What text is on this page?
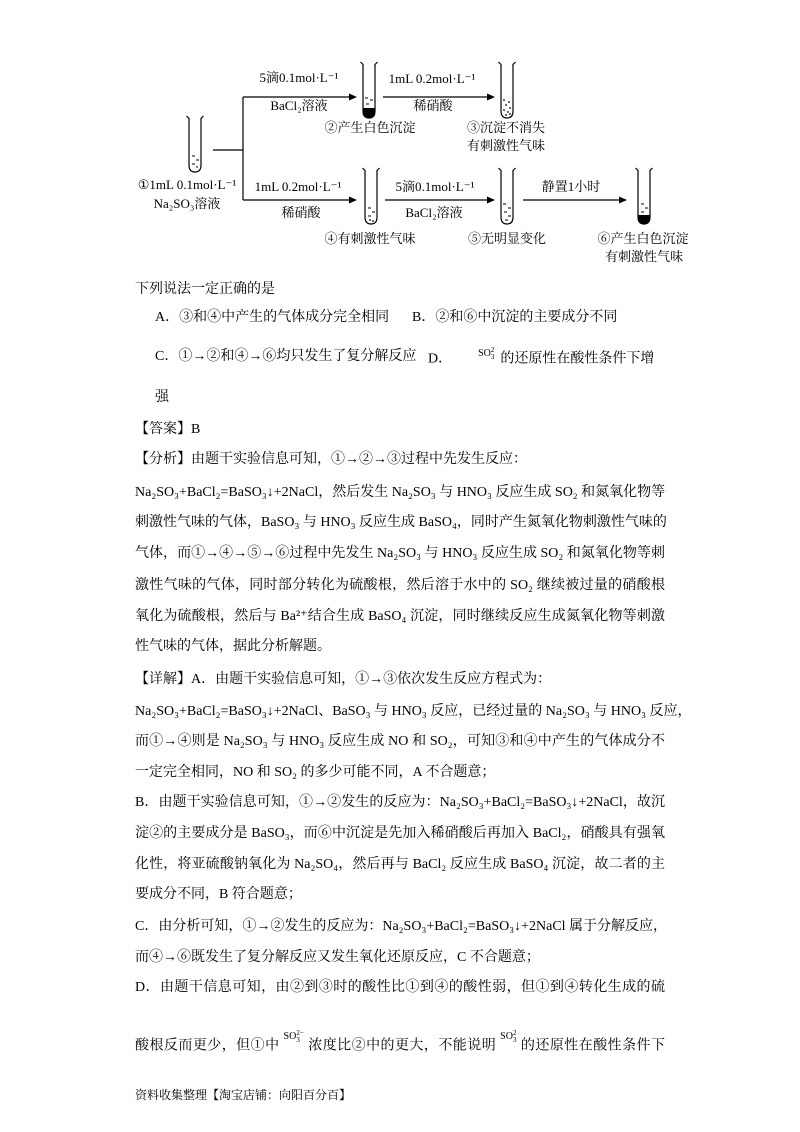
①1mL 0.1mol·L⁻¹
Na₂SO₃溶液
5滴0.1mol·L⁻¹
BaCl₂溶液
②产生白色沉淀
1mL 0.2mol·L⁻¹
稀硝酸
③沉淀不消失
有刺激性气味
1mL 0.2mol·L⁻¹
稀硝酸
④有刺激性气味
5滴0.1mol·L⁻¹
BaCl₂溶液
⑤无明显变化
静置1小时
⑥产生白色沉淀
有刺激性气味
下列说法一定正确的是
A．③和④中产生的气体成分完全相同 B．②和⑥中沉淀的主要成分不同
C．①→②和④→⑥均只发生了复分解反应 D．	SO 2
3 的还原性在酸性条件下增
强
【答案】B
【分析】由题干实验信息可知，①→②→③过程中先发生反应：
Na₂SO₃+BaCl₂=BaSO₃↓+2NaCl，然后发生 Na₂SO₃ 与 HNO₃ 反应生成 SO₂ 和氮氧化物等
刺激性气味的气体，BaSO₃ 与 HNO₃ 反应生成 BaSO₄，同时产生氮氧化物刺激性气味的
气体，而①→④→⑤→⑥过程中先发生 Na₂SO₃ 与 HNO₃ 反应生成 SO₂ 和氮氧化物等刺
激性气味的气体，同时部分转化为硫酸根，然后溶于水中的 SO₂ 继续被过量的硝酸根
氧化为硫酸根，然后与 Ba²⁺结合生成 BaSO₄ 沉淀，同时继续反应生成氮氧化物等刺激
性气味的气体，据此分析解题。
【详解】A．由题干实验信息可知，①→③依次发生反应方程式为：
Na₂SO₃+BaCl₂=BaSO₃↓+2NaCl、BaSO₃ 与 HNO₃ 反应，已经过量的 Na₂SO₃ 与 HNO₃ 反应，
而①→④则是 Na₂SO₃ 与 HNO₃ 反应生成 NO 和 SO₂，可知③和④中产生的气体成分不
一定完全相同，NO 和 SO₂ 的多少可能不同，A 不合题意；
B．由题干实验信息可知，①→②发生的反应为：Na₂SO₃+BaCl₂=BaSO₃↓+2NaCl，故沉
淀②的主要成分是 BaSO₃，而⑥中沉淀是先加入稀硝酸后再加入 BaCl₂，硝酸具有强氧
化性，将亚硫酸钠氧化为 Na₂SO₄，然后再与 BaCl₂ 反应生成 BaSO₄ 沉淀，故二者的主
要成分不同，B 符合题意；
C．由分析可知，①→②发生的反应为：Na₂SO₃+BaCl₂=BaSO₃↓+2NaCl 属于分解反应，
而④→⑥既发生了复分解反应又发生氧化还原反应，C 不合题意；
D．由题干信息可知，由②到③时的酸性比①到④的酸性弱，但①到④转化生成的硫
酸根反而更少，但①中SO 2−
3 浓度比②中的更大，不能说明SO 2
3 的还原性在酸性条件下
资料收集整理【淘宝店铺：向阳百分百】
